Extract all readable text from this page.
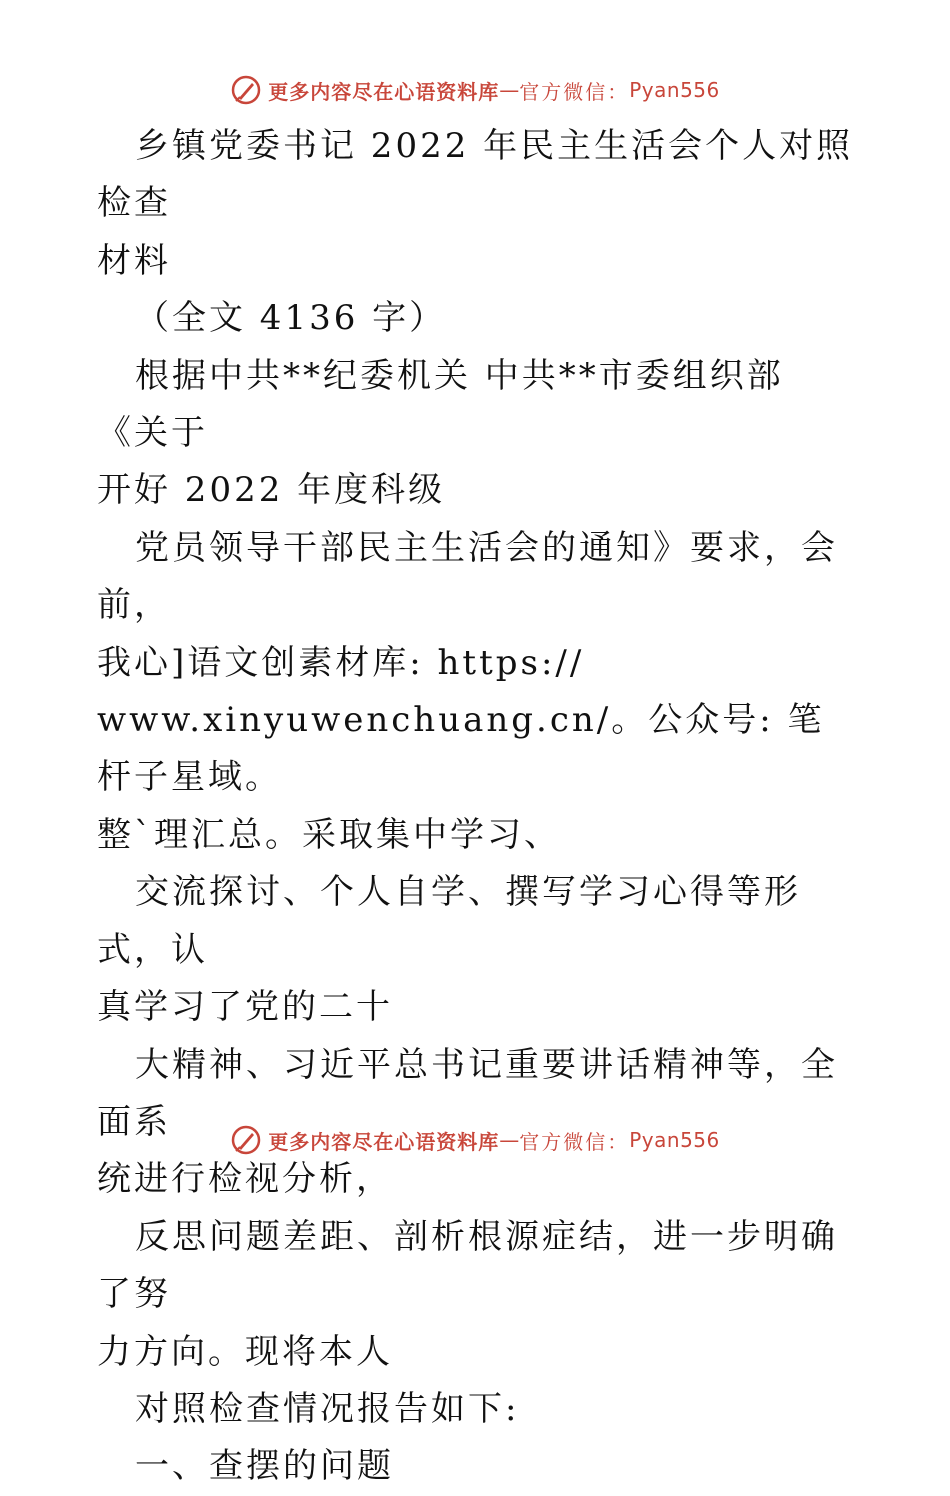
更多内容尽在心语资料库 — 官方微信： Pyan556

乡镇党委书记 2022 年民主生活会个人对照检查

材料

（全文 4136 字）

根据中共**纪委机关 中共**市委组织部《关于

开好 2022 年度科级

党员领导干部民主生活会的通知》要求，会前，

我心]语文创素材库: https://

www.xinyuwenchuang.cn/。公众号: 笔杆子星域。

整`理汇总。采取集中学习、

交流探讨、个人自学、撰写学习心得等形式，认

真学习了党的二十

大精神、习近平总书记重要讲话精神等，全面系

统进行检视分析，

反思问题差距、剖析根源症结，进一步明确了努

力方向。现将本人

对照检查情况报告如下:

一、查摆的问题

更多内容尽在心语资料库 — 官方微信： Pyan556
